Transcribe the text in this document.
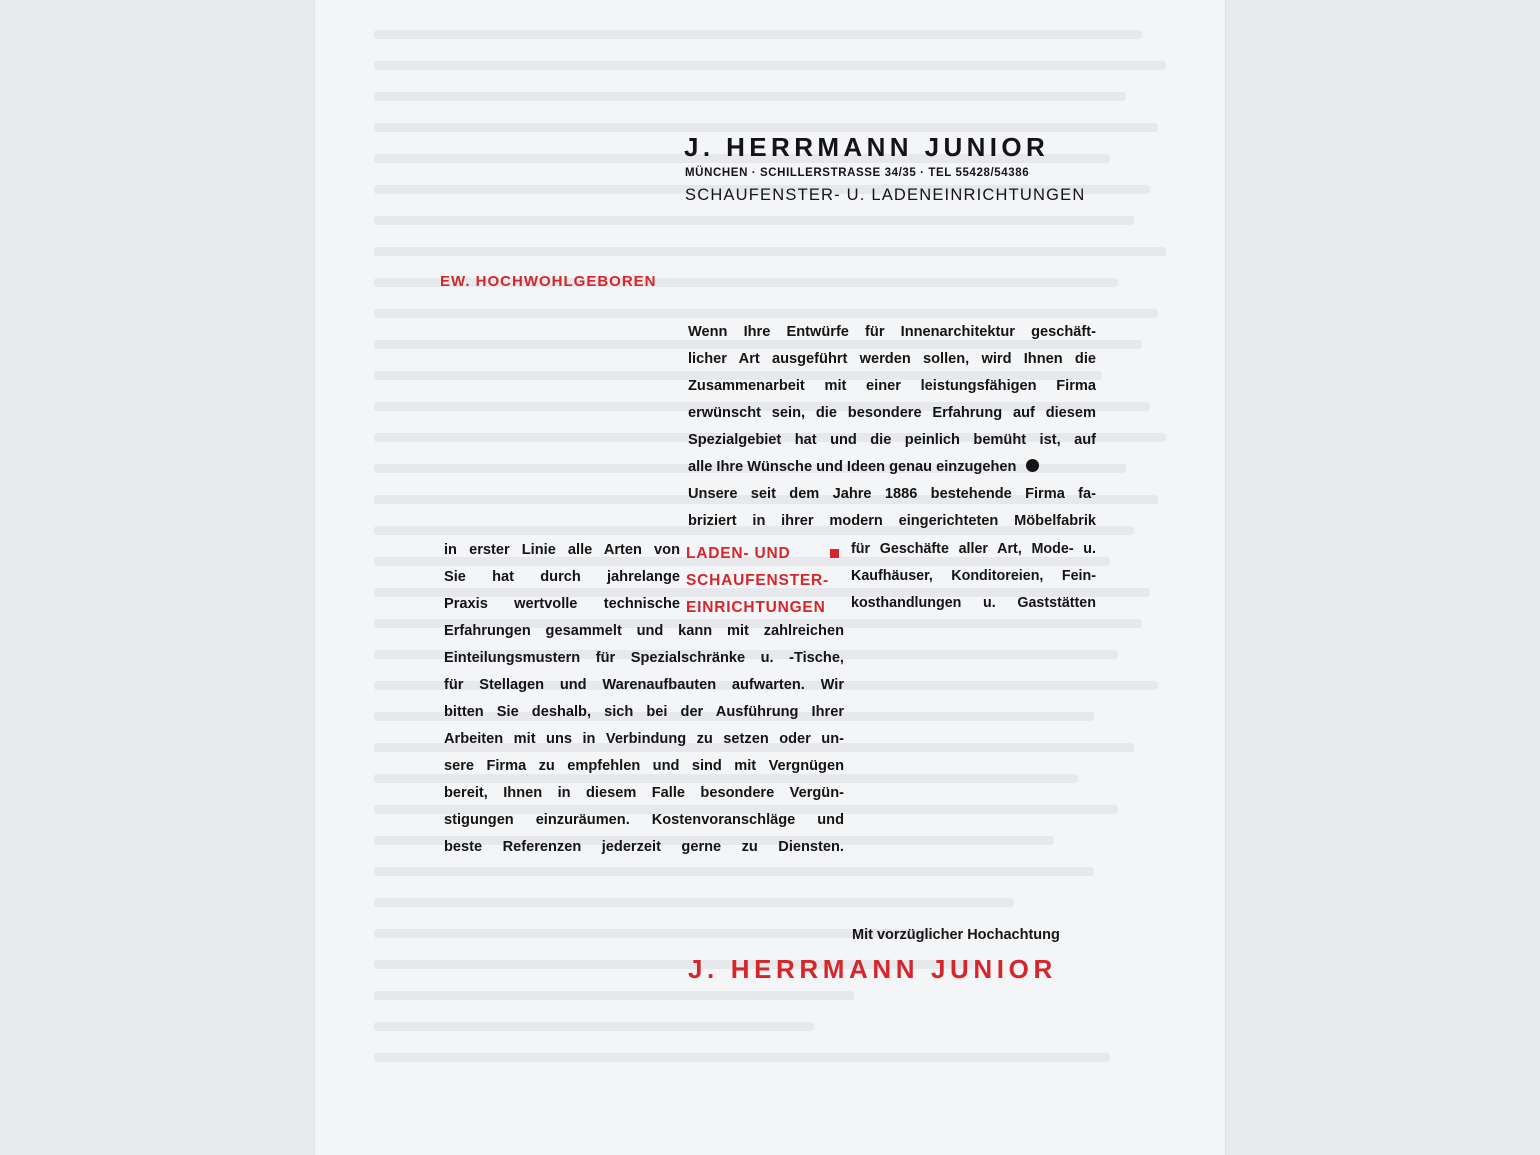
J. HERRMANN JUNIOR
MÜNCHEN · SCHILLERSTRASSE 34/35 · TEL 55428/54386
SCHAUFENSTER- U. LADENEINRICHTUNGEN
EW. HOCHWOHLGEBOREN
Wenn Ihre Entwürfe für Innenarchitektur geschäft-
licher Art ausgeführt werden sollen, wird Ihnen die
Zusammenarbeit mit einer leistungsfähigen Firma
erwünscht sein, die besondere Erfahrung auf diesem
Spezialgebiet hat und die peinlich bemüht ist, auf
alle Ihre Wünsche und Ideen genau einzugehen
Unsere seit dem Jahre 1886 bestehende Firma fa-
briziert in ihrer modern eingerichteten Möbelfabrik
in erster Linie alle Arten von
Sie hat durch jahrelange
Praxis wertvolle technische
LADEN- UND
SCHAUFENSTER-
EINRICHTUNGEN
für Geschäfte aller Art, Mode- u.
Kaufhäuser, Konditoreien, Fein-
kosthandlungen u. Gaststätten
Erfahrungen gesammelt und kann mit zahlreichen
Einteilungsmustern für Spezialschränke u. -Tische,
für Stellagen und Warenaufbauten aufwarten. Wir
bitten Sie deshalb, sich bei der Ausführung Ihrer
Arbeiten mit uns in Verbindung zu setzen oder un-
sere Firma zu empfehlen und sind mit Vergnügen
bereit, Ihnen in diesem Falle besondere Vergün-
stigungen einzuräumen. Kostenvoranschläge und
beste Referenzen jederzeit gerne zu Diensten.
Mit vorzüglicher Hochachtung
J. HERRMANN JUNIOR
